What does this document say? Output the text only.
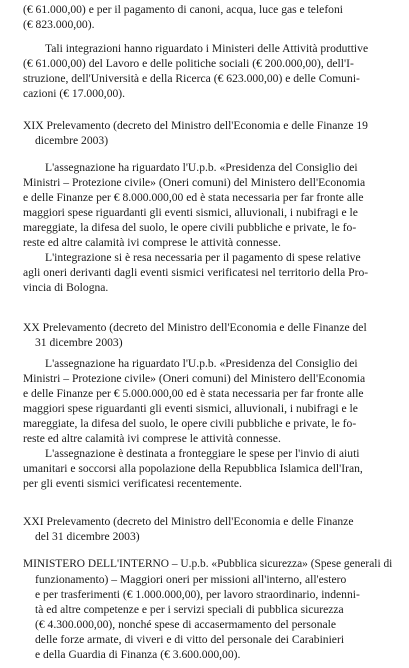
(€ 61.000,00) e per il pagamento di canoni, acqua, luce gas e telefoni
(€ 823.000,00).
Tali integrazioni hanno riguardato i Ministeri delle Attività produttive
(€ 61.000,00) del Lavoro e delle politiche sociali (€ 200.000,00), dell'I-
struzione, dell'Università e della Ricerca (€ 623.000,00) e delle Comuni-
cazioni (€ 17.000,00).
XIX Prelevamento (decreto del Ministro dell'Economia e delle Finanze 19
dicembre 2003)
L'assegnazione ha riguardato l'U.p.b. «Presidenza del Consiglio dei
Ministri – Protezione civile» (Oneri comuni) del Ministero dell'Economia
e delle Finanze per € 8.000.000,00 ed è stata necessaria per far fronte alle
maggiori spese riguardanti gli eventi sismici, alluvionali, i nubifragi e le
mareggiate, la difesa del suolo, le opere civili pubbliche e private, le fo-
reste ed altre calamità ivi comprese le attività connesse.
L'integrazione si è resa necessaria per il pagamento di spese relative
agli oneri derivanti dagli eventi sismici verificatesi nel territorio della Pro-
vincia di Bologna.
XX Prelevamento (decreto del Ministro dell'Economia e delle Finanze del
31 dicembre 2003)
L'assegnazione ha riguardato l'U.p.b. «Presidenza del Consiglio dei
Ministri – Protezione civile» (Oneri comuni) del Ministero dell'Economia
e delle Finanze per € 5.000.000,00 ed è stata necessaria per far fronte alle
maggiori spese riguardanti gli eventi sismici, alluvionali, i nubifragi e le
mareggiate, la difesa del suolo, le opere civili pubbliche e private, le fo-
reste ed altre calamità ivi comprese le attività connesse.
L'assegnazione è destinata a fronteggiare le spese per l'invio di aiuti
umanitari e soccorsi alla popolazione della Repubblica Islamica dell'Iran,
per gli eventi sismici verificatesi recentemente.
XXI Prelevamento (decreto del Ministro dell'Economia e delle Finanze
del 31 dicembre 2003)
MINISTERO DELL'INTERNO – U.p.b. «Pubblica sicurezza» (Spese generali di
funzionamento) – Maggiori oneri per missioni all'interno, all'estero
e per trasferimenti (€ 1.000.000,00), per lavoro straordinario, indenni-
tà ed altre competenze e per i servizi speciali di pubblica sicurezza
(€ 4.300.000,00), nonché spese di accasermamento del personale
delle forze armate, di viveri e di vitto del personale dei Carabinieri
e della Guardia di Finanza (€ 3.600.000,00).
